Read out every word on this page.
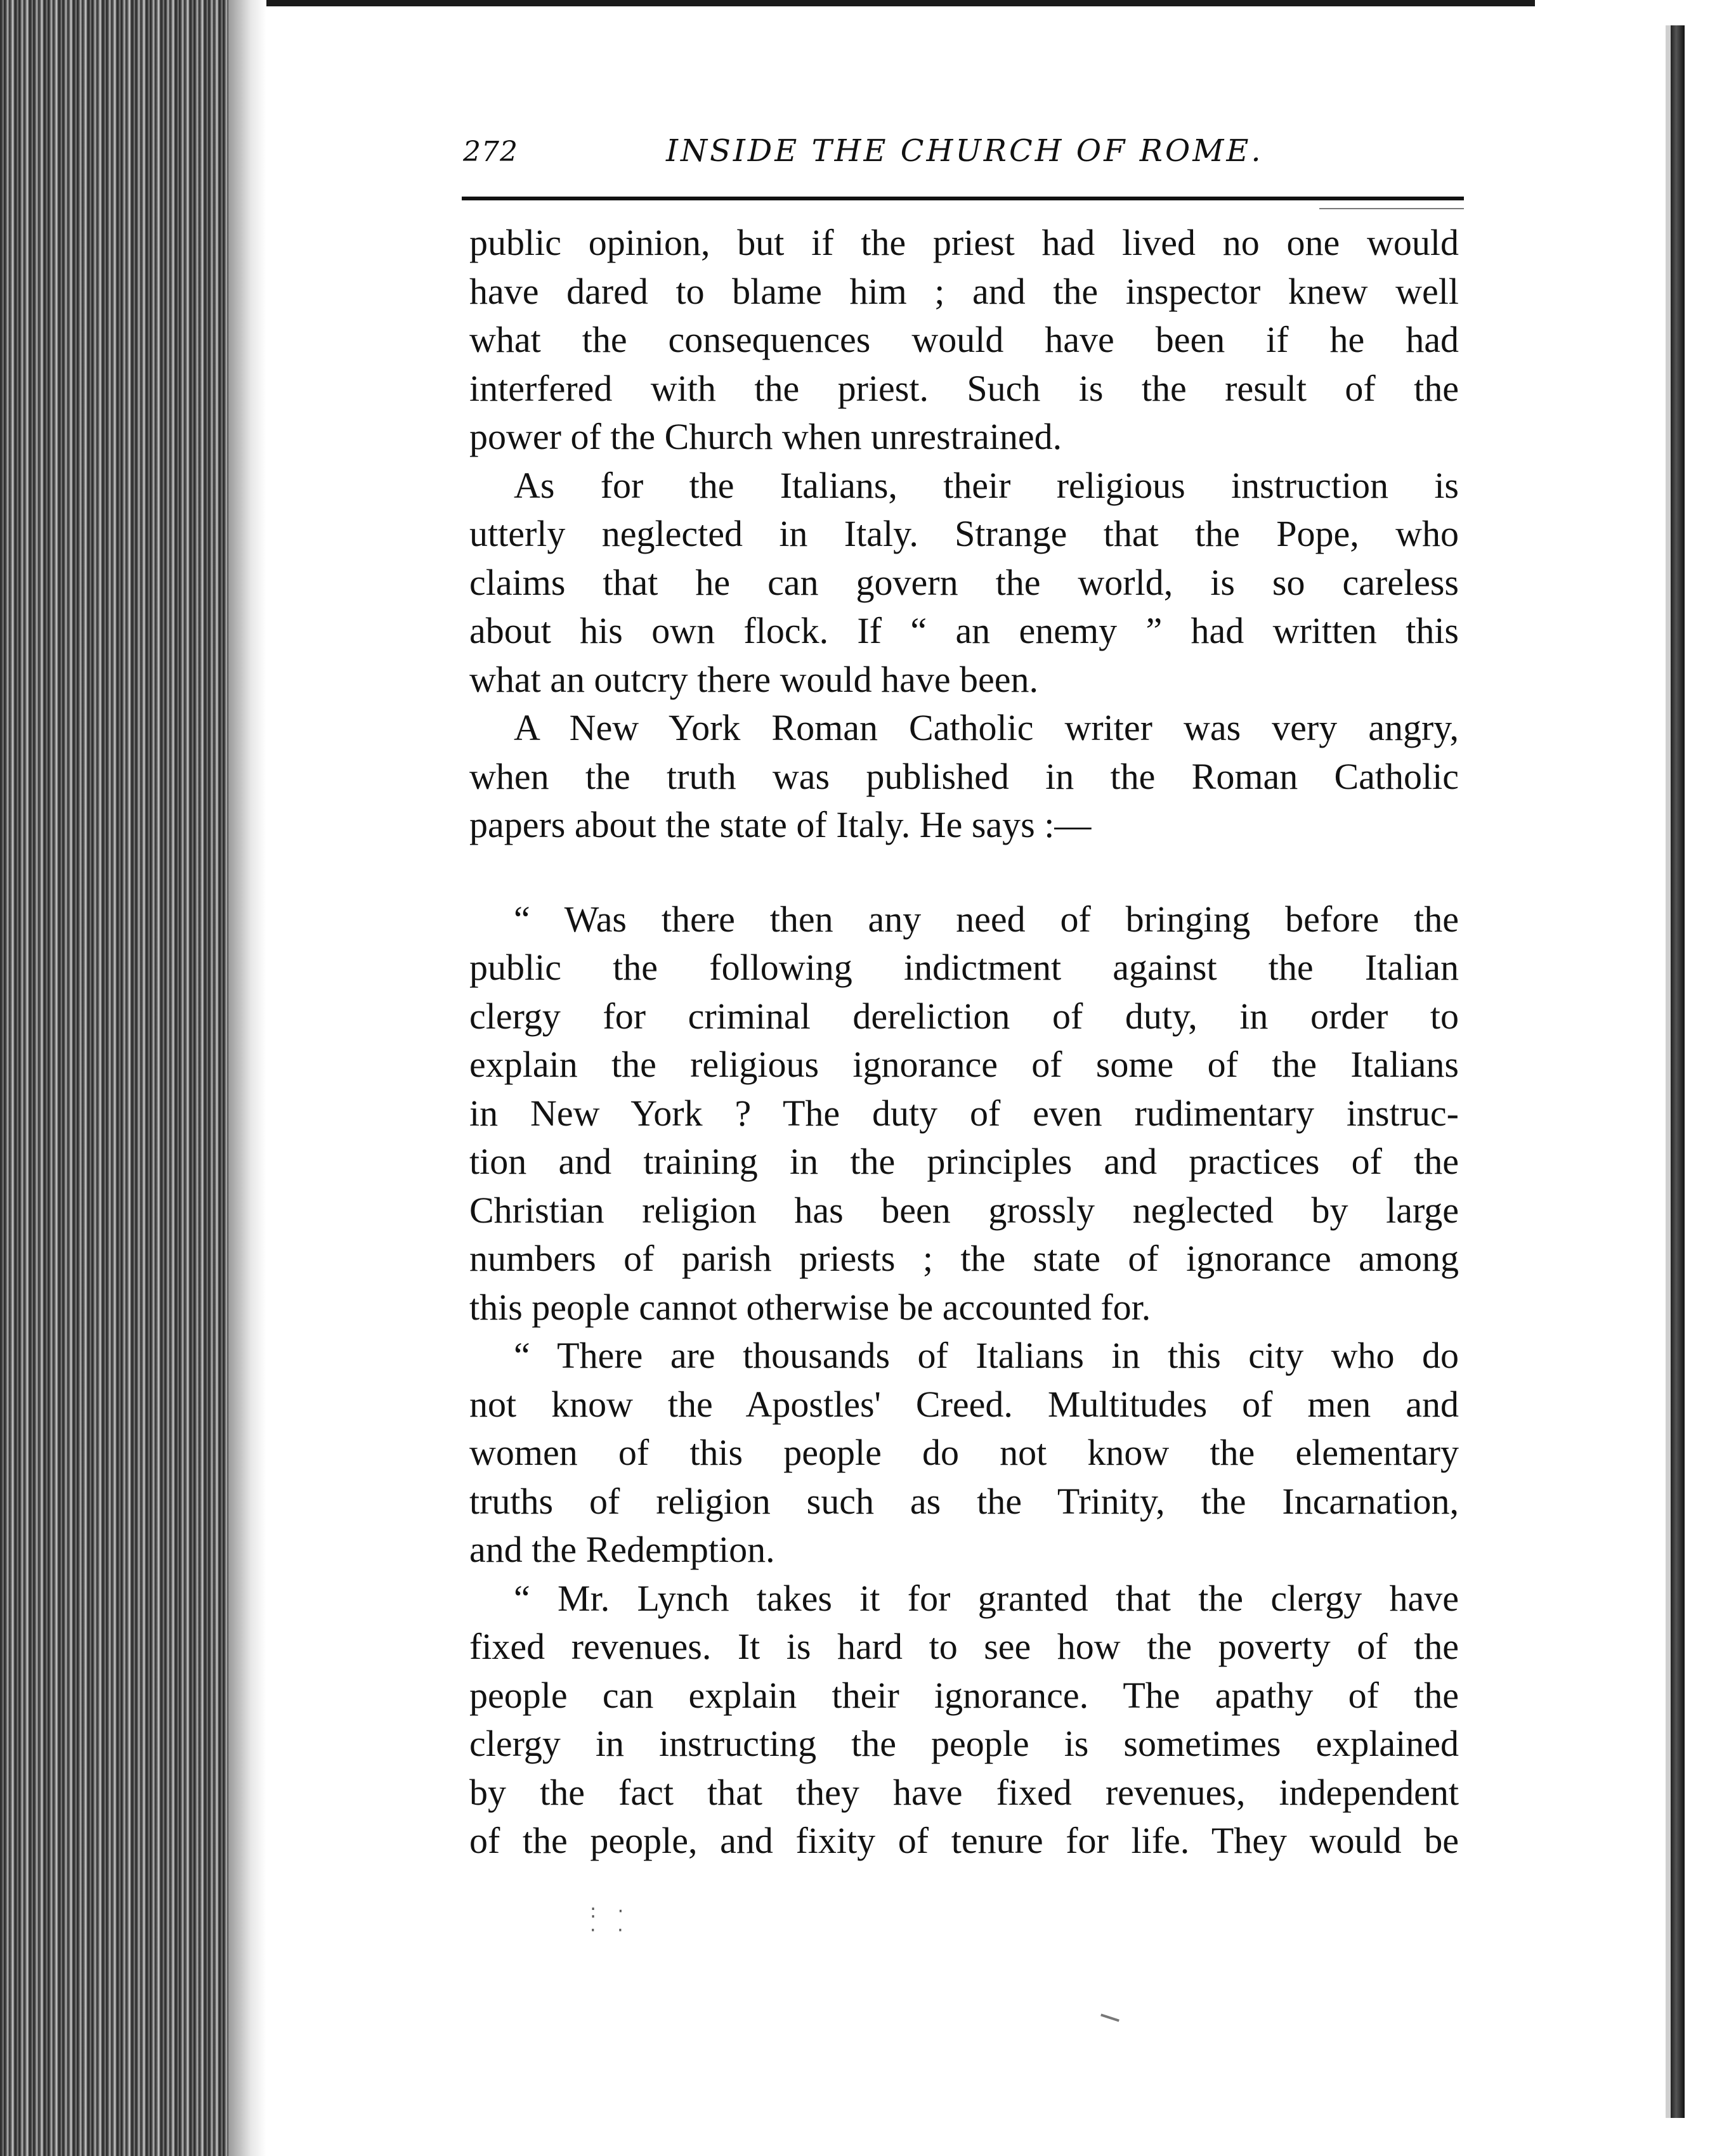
272	INSIDE THE CHURCH OF ROME.
public opinion, but if the priest had lived no one would
have dared to blame him ; and the inspector knew well
what the consequences would have been if he had
interfered with the priest. Such is the result of the
power of the Church when unrestrained.
As for the Italians, their religious instruction is
utterly neglected in Italy. Strange that the Pope, who
claims that he can govern the world, is so careless
about his own flock. If “ an enemy ” had written this
what an outcry there would have been.
A New York Roman Catholic writer was very angry,
when the truth was published in the Roman Catholic
papers about the state of Italy. He says :—
“ Was there then any need of bringing before the
public the following indictment against the Italian
clergy for criminal dereliction of duty, in order to
explain the religious ignorance of some of the Italians
in New York ? The duty of even rudimentary instruc-
tion and training in the principles and practices of the
Christian religion has been grossly neglected by large
numbers of parish priests ; the state of ignorance among
this people cannot otherwise be accounted for.
“ There are thousands of Italians in this city who do
not know the Apostles' Creed. Multitudes of men and
women of this people do not know the elementary
truths of religion such as the Trinity, the Incarnation,
and the Redemption.
“ Mr. Lynch takes it for granted that the clergy have
fixed revenues. It is hard to see how the poverty of the
people can explain their ignorance. The apathy of the
clergy in instructing the people is sometimes explained
by the fact that they have fixed revenues, independent
of the people, and fixity of tenure for life. They would be
: ·
· ·
